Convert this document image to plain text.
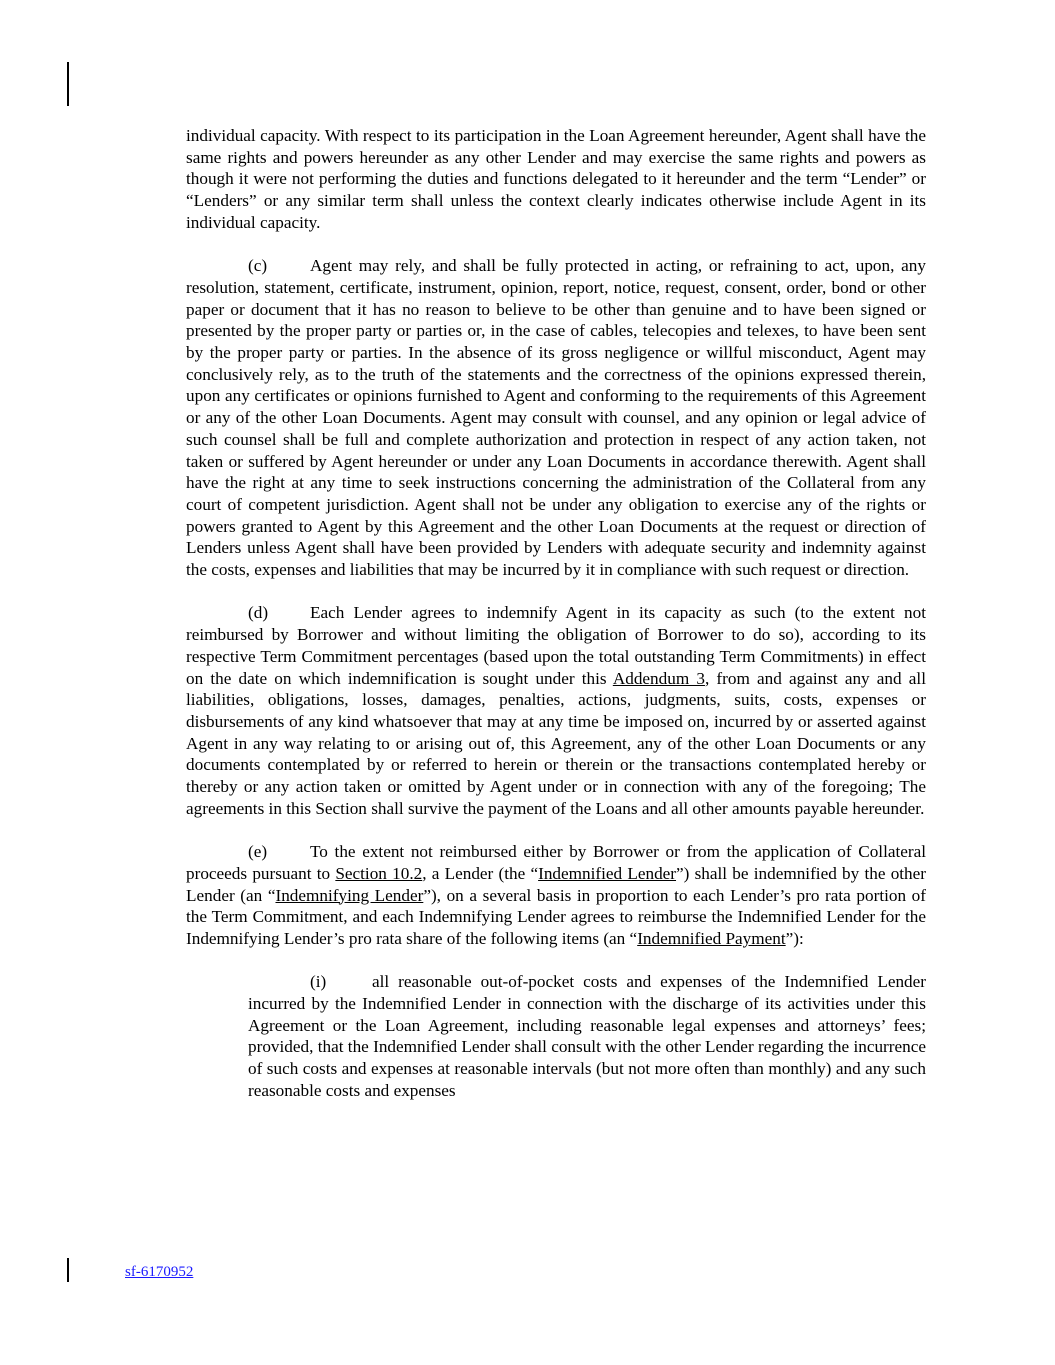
individual capacity. With respect to its participation in the Loan Agreement hereunder, Agent shall have the same rights and powers hereunder as any other Lender and may exercise the same rights and powers as though it were not performing the duties and functions delegated to it hereunder and the term “Lender” or “Lenders” or any similar term shall unless the context clearly indicates otherwise include Agent in its individual capacity.

(c) Agent may rely, and shall be fully protected in acting, or refraining to act, upon, any resolution, statement, certificate, instrument, opinion, report, notice, request, consent, order, bond or other paper or document that it has no reason to believe to be other than genuine and to have been signed or presented by the proper party or parties or, in the case of cables, telecopies and telexes, to have been sent by the proper party or parties. In the absence of its gross negligence or willful misconduct, Agent may conclusively rely, as to the truth of the statements and the correctness of the opinions expressed therein, upon any certificates or opinions furnished to Agent and conforming to the requirements of this Agreement or any of the other Loan Documents. Agent may consult with counsel, and any opinion or legal advice of such counsel shall be full and complete authorization and protection in respect of any action taken, not taken or suffered by Agent hereunder or under any Loan Documents in accordance therewith. Agent shall have the right at any time to seek instructions concerning the administration of the Collateral from any court of competent jurisdiction. Agent shall not be under any obligation to exercise any of the rights or powers granted to Agent by this Agreement and the other Loan Documents at the request or direction of Lenders unless Agent shall have been provided by Lenders with adequate security and indemnity against the costs, expenses and liabilities that may be incurred by it in compliance with such request or direction.

(d) Each Lender agrees to indemnify Agent in its capacity as such (to the extent not reimbursed by Borrower and without limiting the obligation of Borrower to do so), according to its respective Term Commitment percentages (based upon the total outstanding Term Commitments) in effect on the date on which indemnification is sought under this Addendum 3, from and against any and all liabilities, obligations, losses, damages, penalties, actions, judgments, suits, costs, expenses or disbursements of any kind whatsoever that may at any time be imposed on, incurred by or asserted against Agent in any way relating to or arising out of, this Agreement, any of the other Loan Documents or any documents contemplated by or referred to herein or therein or the transactions contemplated hereby or thereby or any action taken or omitted by Agent under or in connection with any of the foregoing; The agreements in this Section shall survive the payment of the Loans and all other amounts payable hereunder.

(e) To the extent not reimbursed either by Borrower or from the application of Collateral proceeds pursuant to Section 10.2, a Lender (the “Indemnified Lender”) shall be indemnified by the other Lender (an “Indemnifying Lender”), on a several basis in proportion to each Lender’s pro rata portion of the Term Commitment, and each Indemnifying Lender agrees to reimburse the Indemnified Lender for the Indemnifying Lender’s pro rata share of the following items (an “Indemnified Payment”):

(i)	all reasonable out-of-pocket costs and expenses of the Indemnified Lender incurred by the Indemnified Lender in connection with the discharge of its activities under this Agreement or the Loan Agreement, including reasonable legal expenses and attorneys’ fees; provided, that the Indemnified Lender shall consult with the other Lender regarding the incurrence of such costs and expenses at reasonable intervals (but not more often than monthly) and any such reasonable costs and expenses

sf-6170952
